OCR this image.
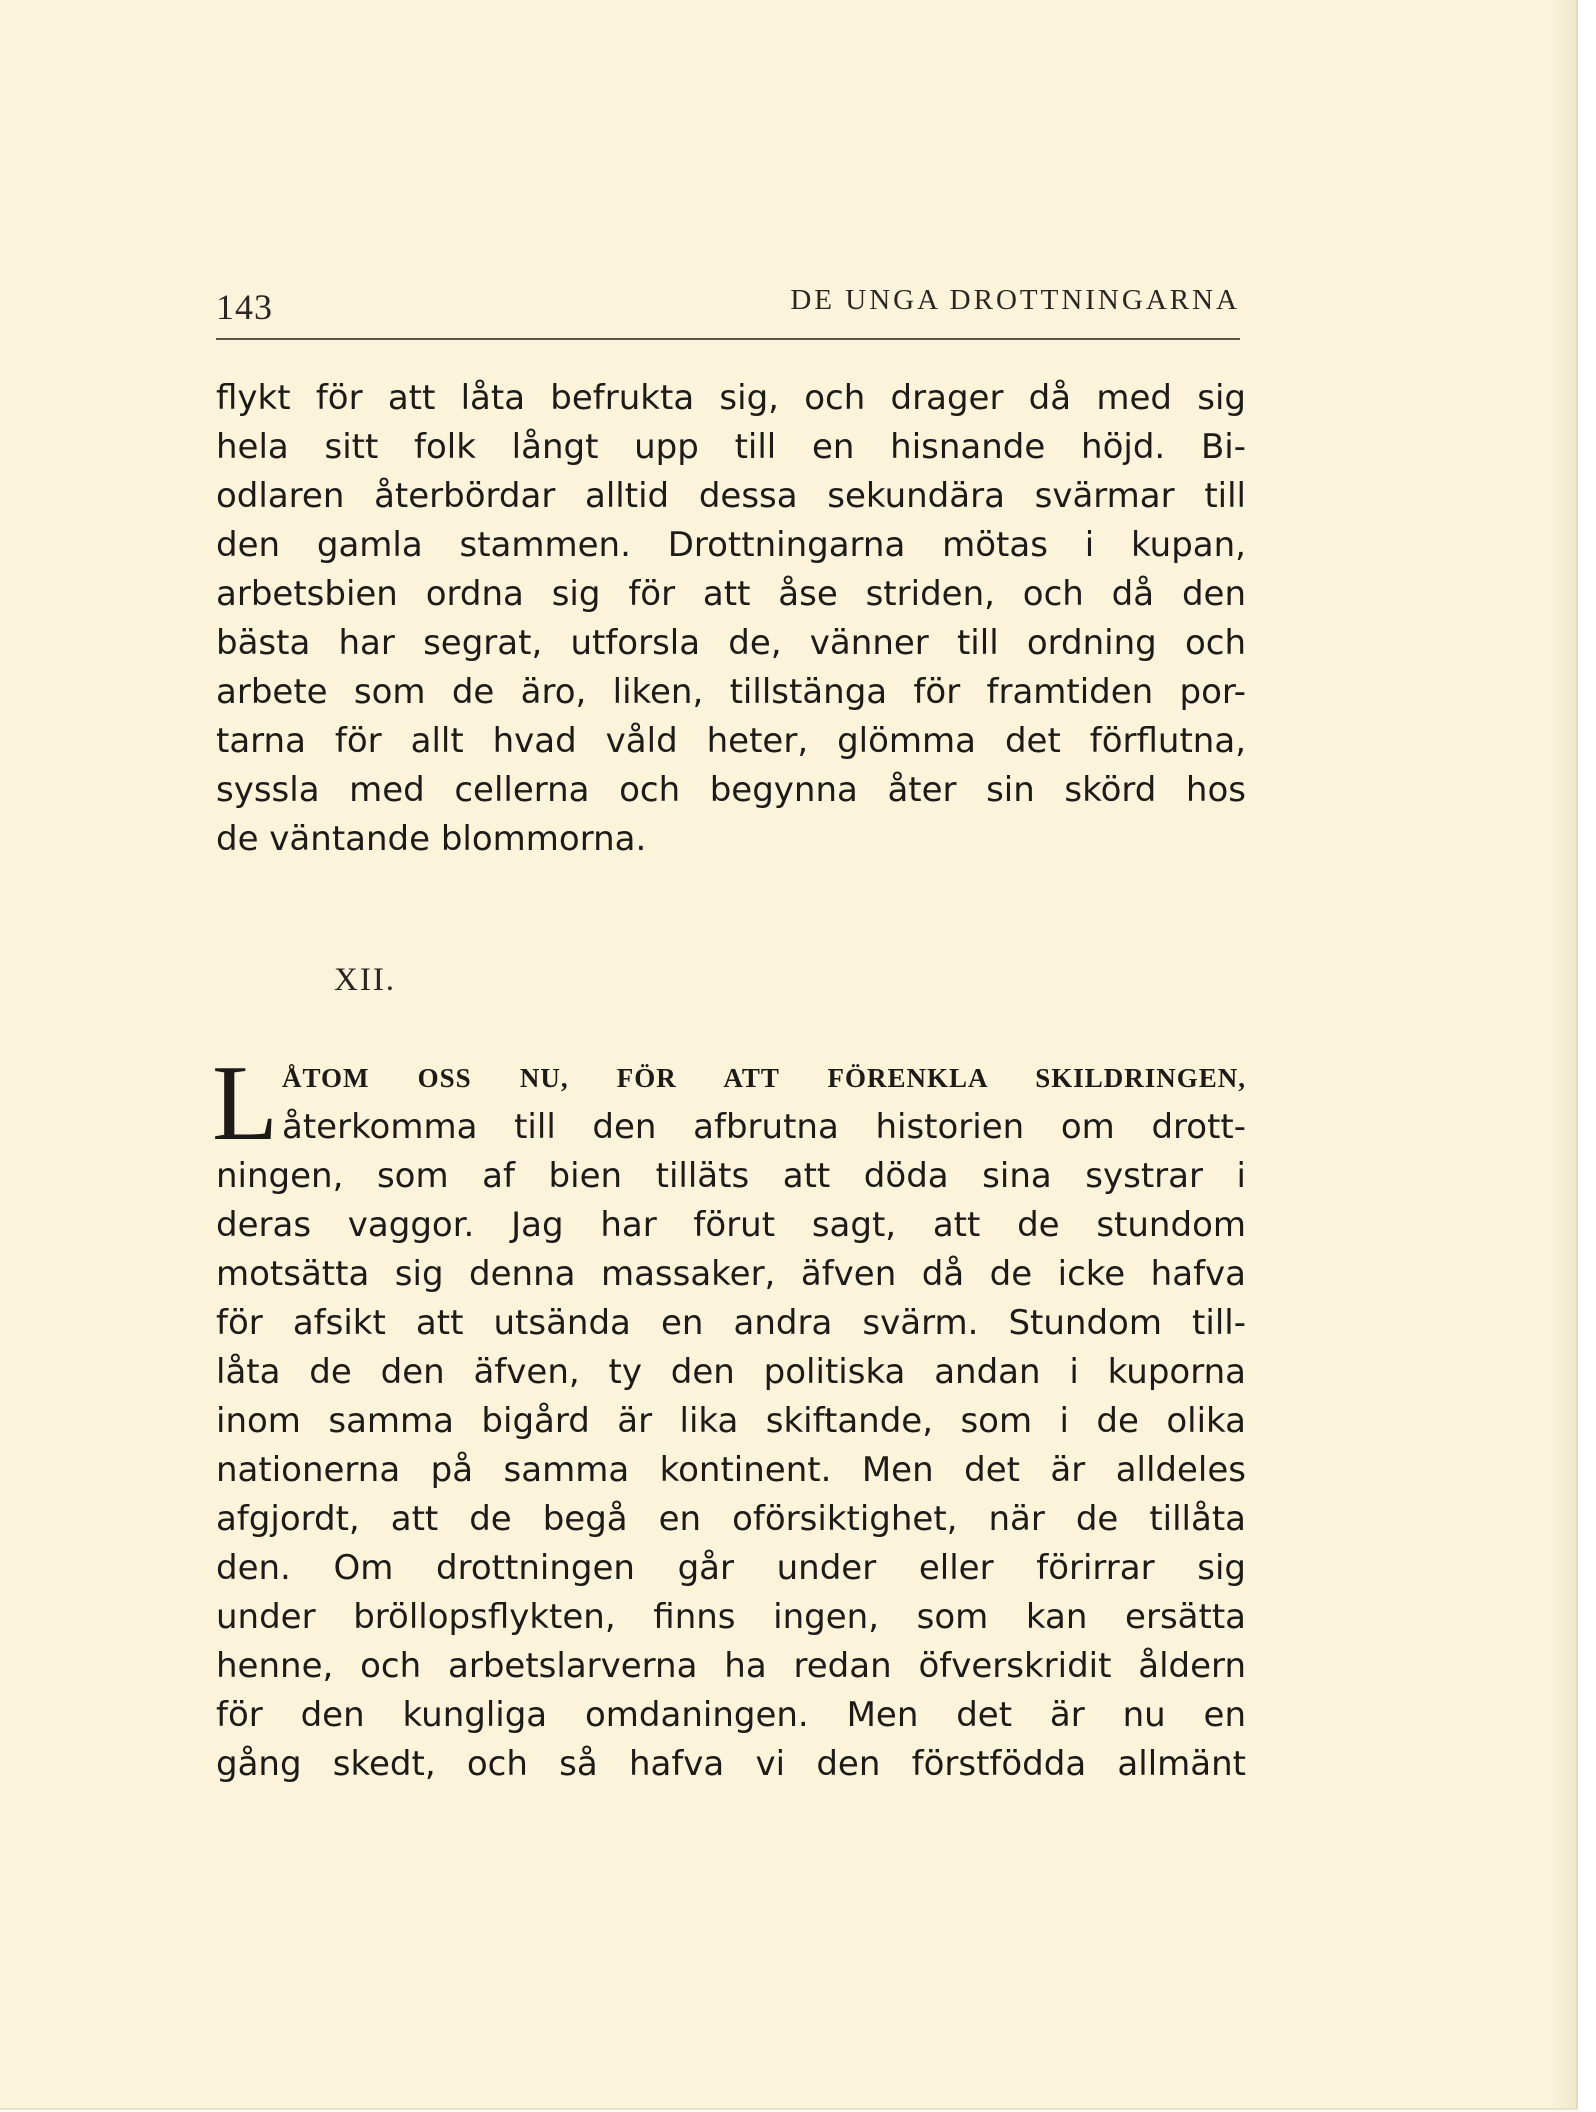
143	DE UNGA DROTTNINGARNA
flykt för att låta befrukta sig, och drager då med sig
hela sitt folk långt upp till en hisnande höjd. Bi-
odlaren återbördar alltid dessa sekundära svärmar till
den gamla stammen. Drottningarna mötas i kupan,
arbetsbien ordna sig för att åse striden, och då den
bästa har segrat, utforsla de, vänner till ordning och
arbete som de äro, liken, tillstänga för framtiden por-
tarna för allt hvad våld heter, glömma det förflutna,
syssla med cellerna och begynna åter sin skörd hos
de väntande blommorna.
XII.
L ÅTOM OSS NU, FÖR ATT FÖRENKLA SKILDRINGEN,
återkomma till den afbrutna historien om drott-
ningen, som af bien tilläts att döda sina systrar i
deras vaggor. Jag har förut sagt, att de stundom
motsätta sig denna massaker, äfven då de icke hafva
för afsikt att utsända en andra svärm. Stundom till-
låta de den äfven, ty den politiska andan i kuporna
inom samma bigård är lika skiftande, som i de olika
nationerna på samma kontinent. Men det är alldeles
afgjordt, att de begå en oförsiktighet, när de tillåta
den. Om drottningen går under eller förirrar sig
under bröllopsflykten, finns ingen, som kan ersätta
henne, och arbetslarverna ha redan öfverskridit åldern
för den kungliga omdaningen. Men det är nu en
gång skedt, och så hafva vi den förstfödda allmänt
